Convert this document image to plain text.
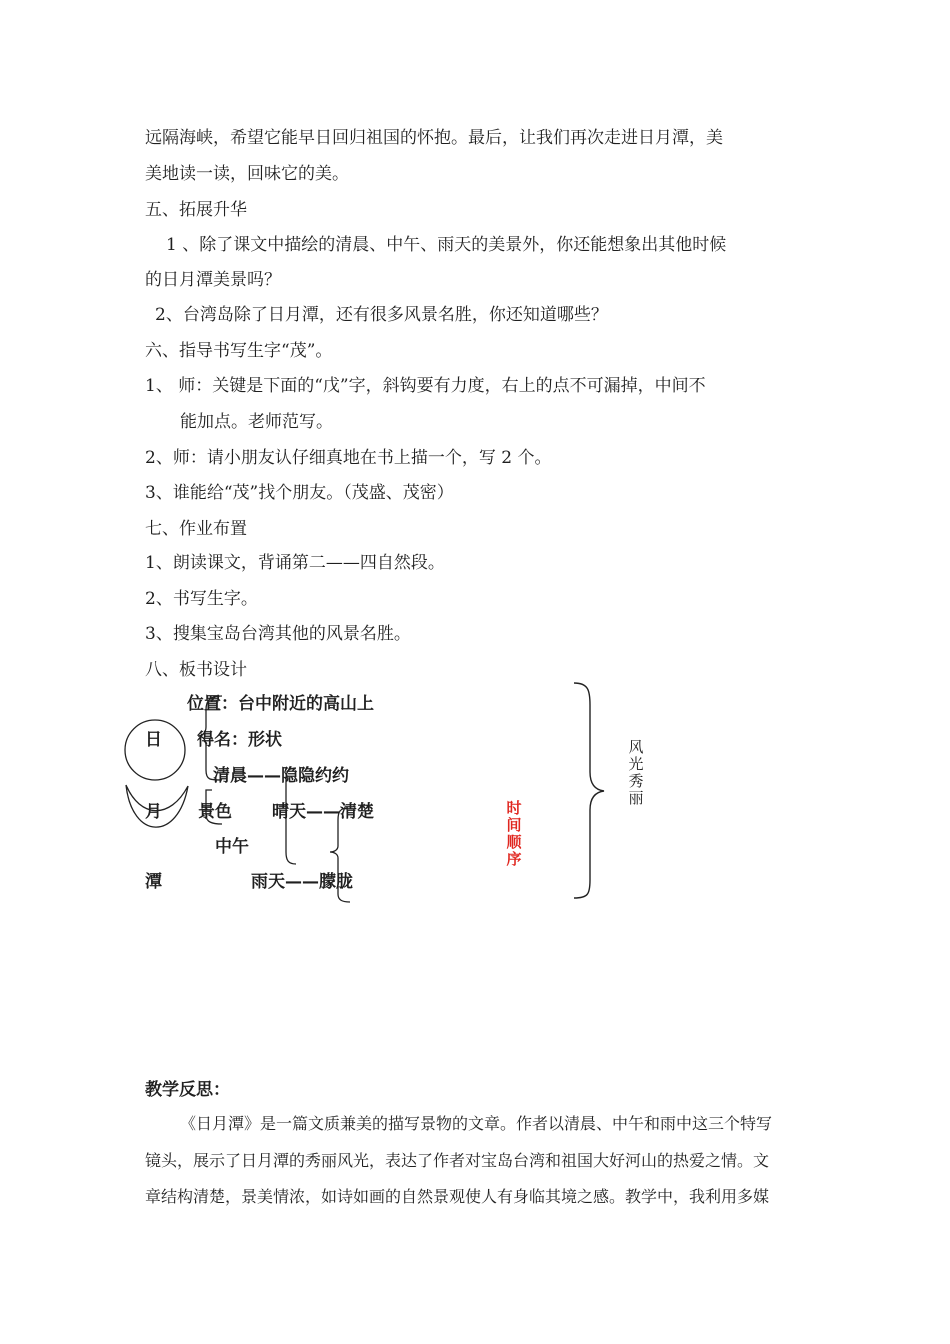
远隔海峡，希望它能早日回归祖国的怀抱。最后，让我们再次走进日月潭，美
美地读一读，回味它的美。
五、拓展升华
1 、除了课文中描绘的清晨、中午、雨天的美景外，你还能想象出其他时候
的日月潭美景吗？
2、台湾岛除了日月潭，还有很多风景名胜，你还知道哪些？
六、指导书写生字“茂”。
1、 师：关键是下面的“戊”字，斜钩要有力度，右上的点不可漏掉，中间不
能加点。老师范写。
2、师：请小朋友认仔细真地在书上描一个，写 2 个。
3、谁能给“茂”找个朋友。（茂盛、茂密）
七、作业布置
1、朗读课文，背诵第二——四自然段。
2、书写生字。
3、搜集宝岛台湾其他的风景名胜。
八、板书设计
位置：台中附近的高山上
日 得名：形状
清晨——隐隐约约
月 景色 晴天——清楚
中午
潭	雨天——朦胧
时间顺序
风光秀丽
教学反思：
《日月潭》是一篇文质兼美的描写景物的文章。作者以清晨、中午和雨中这三个特写
镜头，展示了日月潭的秀丽风光，表达了作者对宝岛台湾和祖国大好河山的热爱之情。文
章结构清楚，景美情浓，如诗如画的自然景观使人有身临其境之感。教学中，我利用多媒
